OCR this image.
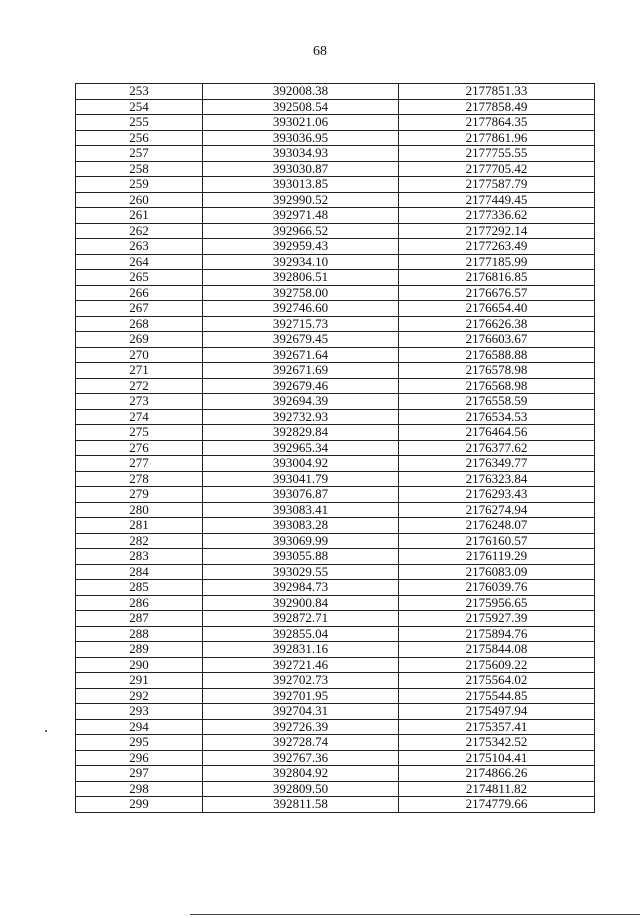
68
253	392008.38	2177851.33
254	392508.54	2177858.49
255	393021.06	2177864.35
256	393036.95	2177861.96
257	393034.93	2177755.55
258	393030.87	2177705.42
259	393013.85	2177587.79
260	392990.52	2177449.45
261	392971.48	2177336.62
262	392966.52	2177292.14
263	392959.43	2177263.49
264	392934.10	2177185.99
265	392806.51	2176816.85
266	392758.00	2176676.57
267	392746.60	2176654.40
268	392715.73	2176626.38
269	392679.45	2176603.67
270	392671.64	2176588.88
271	392671.69	2176578.98
272	392679.46	2176568.98
273	392694.39	2176558.59
274	392732.93	2176534.53
275	392829.84	2176464.56
276	392965.34	2176377.62
277	393004.92	2176349.77
278	393041.79	2176323.84
279	393076.87	2176293.43
280	393083.41	2176274.94
281	393083.28	2176248.07
282	393069.99	2176160.57
283	393055.88	2176119.29
284	393029.55	2176083.09
285	392984.73	2176039.76
286	392900.84	2175956.65
287	392872.71	2175927.39
288	392855.04	2175894.76
289	392831.16	2175844.08
290	392721.46	2175609.22
291	392702.73	2175564.02
292	392701.95	2175544.85
293	392704.31	2175497.94
294	392726.39	2175357.41
295	392728.74	2175342.52
296	392767.36	2175104.41
297	392804.92	2174866.26
298	392809.50	2174811.82
299	392811.58	2174779.66
